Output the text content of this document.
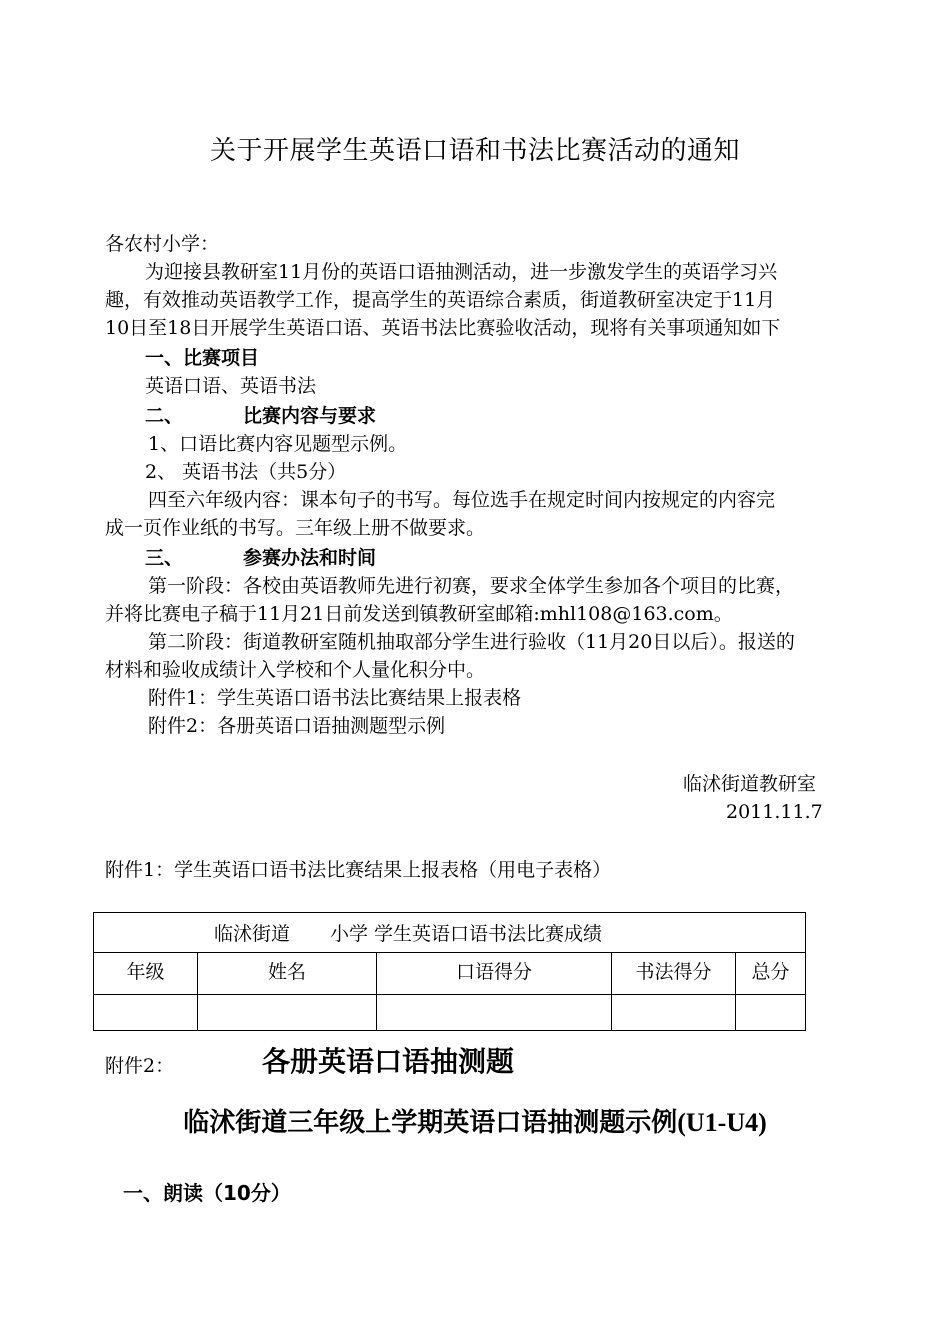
关于开展学生英语口语和书法比赛活动的通知
各农村小学：
为迎接县教研室11月份的英语口语抽测活动，进一步激发学生的英语学习兴
趣，有效推动英语教学工作，提高学生的英语综合素质，街道教研室决定于11月
10日至18日开展学生英语口语、英语书法比赛验收活动，现将有关事项通知如下
一、比赛项目
英语口语、英语书法
二、	比赛内容与要求
1、口语比赛内容见题型示例。
2、 英语书法（共5分）
四至六年级内容：课本句子的书写。每位选手在规定时间内按规定的内容完
成一页作业纸的书写。三年级上册不做要求。
三、	参赛办法和时间
第一阶段：各校由英语教师先进行初赛，要求全体学生参加各个项目的比赛，
并将比赛电子稿于11月21日前发送到镇教研室邮箱:mhl108@163.com。
第二阶段：街道教研室随机抽取部分学生进行验收（11月20日以后）。报送的
材料和验收成绩计入学校和个人量化积分中。
附件1：学生英语口语书法比赛结果上报表格
附件2：各册英语口语抽测题型示例
临沭街道教研室
2011.11.7
附件1：学生英语口语书法比赛结果上报表格（用电子表格）
临沭街道 小学 学生英语口语书法比赛成绩				
年级	姓名	口语得分	书法得分	总分

附件2：	各册英语口语抽测题
临沭街道三年级上学期英语口语抽测题示例(U1-U4)
一、朗读（10分）
